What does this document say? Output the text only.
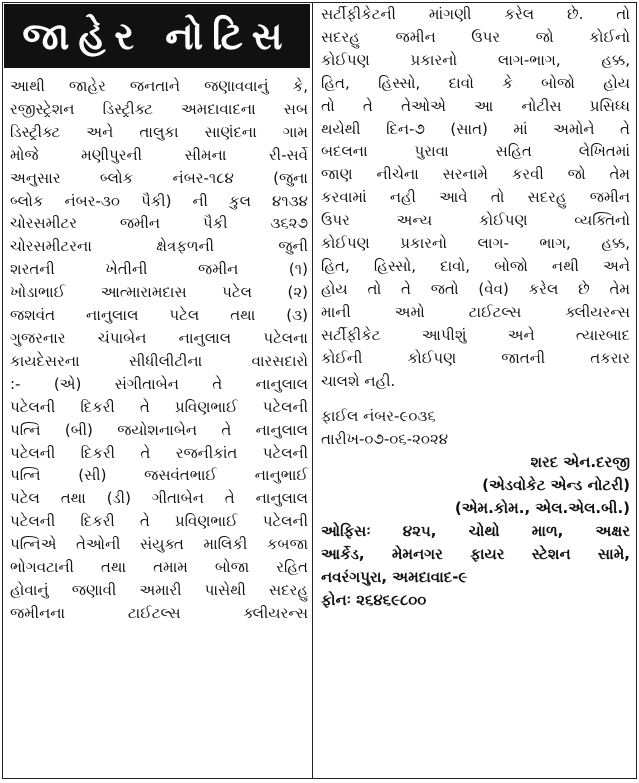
જાહેર નોટિસ
આથી જાહેર જનતાને જણાવવાનું કે,
રજીસ્ટ્રેશન ડિસ્ટ્રીક્ટ અમદાવાદના સબ
ડિસ્ટ્રીક્ટ અને તાલુકા સાણંદના ગામ
મોજે મણીપુરની સીમના રી-સર્વે
અનુસાર બ્લોક નંબર-૧૮૪ (જુના
બ્લોક નંબર-૩૦ પૈકી) ની કુલ ૪૧૩૪
ચોરસમીટર જમીન પૈકી ૩૬૨૭
ચોરસમીટરના ક્ષેત્રફળની જુની
શરતની ખેતીની જમીન (૧)
ખોડાભાઈ આત્મારામદાસ પટેલ (૨)
જશવંત નાનુલાલ પટેલ તથા (૩)
ગુજરનાર ચંપાબેન નાનુલાલ પટેલના
કાયદેસરના સીધીલીટીના વારસદારો
:- (એ) સંગીતાબેન તે નાનુલાલ
પટેલની દિકરી તે પ્રવિણભાઈ પટેલની
પત્નિ (બી) જયોશનાબેન તે નાનુલાલ
પટેલની દિકરી તે રજનીકાંત પટેલની
પત્નિ (સી) જસવંતભાઈ નાનુભાઈ
પટેલ તથા (ડી) ગીતાબેન તે નાનુલાલ
પટેલની દિકરી તે પ્રવિણભાઈ પટેલની
પત્નિએ તેઓની સંયુક્ત માલિકી કબજા
ભોગવટાની તથા તમામ બોજા રહિત
હોવાનું જણાવી અમારી પાસેથી સદરહુ
જમીનના ટાઈટલ્સ ક્લીયરન્સ
સર્ટીફીકેટની માંગણી કરેલ છે. તો
સદરહુ જમીન ઉપર જો કોઈનો
કોઈપણ પ્રકારનો લાગ-ભાગ, હક્ક,
હિત, હિસ્સો, દાવો કે બોજો હોય
તો તે તેઓએ આ નોટીસ પ્રસિધ્ધ
થયેથી દિન-૭ (સાત) માં અમોને તે
બદલના પુરાવા સહિત લેખિતમાં
જાણ નીચેના સરનામે કરવી જો તેમ
કરવામાં નહી આવે તો સદરહુ જમીન
ઉપર અન્ય કોઈપણ વ્યક્તિનો
કોઈપણ પ્રકારનો લાગ- ભાગ, હક્ક,
હિત, હિસ્સો, દાવો, બોજો નથી અને
હોય તો તે જતો (વેવ) કરેલ છે તેમ
માની અમો ટાઈટલ્સ ક્લીયરન્સ
સર્ટીફીકેટ આપીશું અને ત્યારબાદ
કોઈની કોઈપણ જાતની તકરાર
ચાલશે નહી.
ફાઈલ નંબર-૯૦૩૬
તારીખ-૦૭-૦૬-૨૦૨૪
શરદ એન.દરજી
(એડવોકેટ એન્ડ નોટરી)
(એમ.કોમ., એલ.એલ.બી.)
ઓફિસઃ ૪૨૫, ચોથો માળ, અક્ષર
આર્કેડ, મેમનગર ફાયર સ્ટેશન સામે,
નવરંગપુરા, અમદાવાદ-૯
ફોનઃ ૨૬૪૬૯૮૦૦
